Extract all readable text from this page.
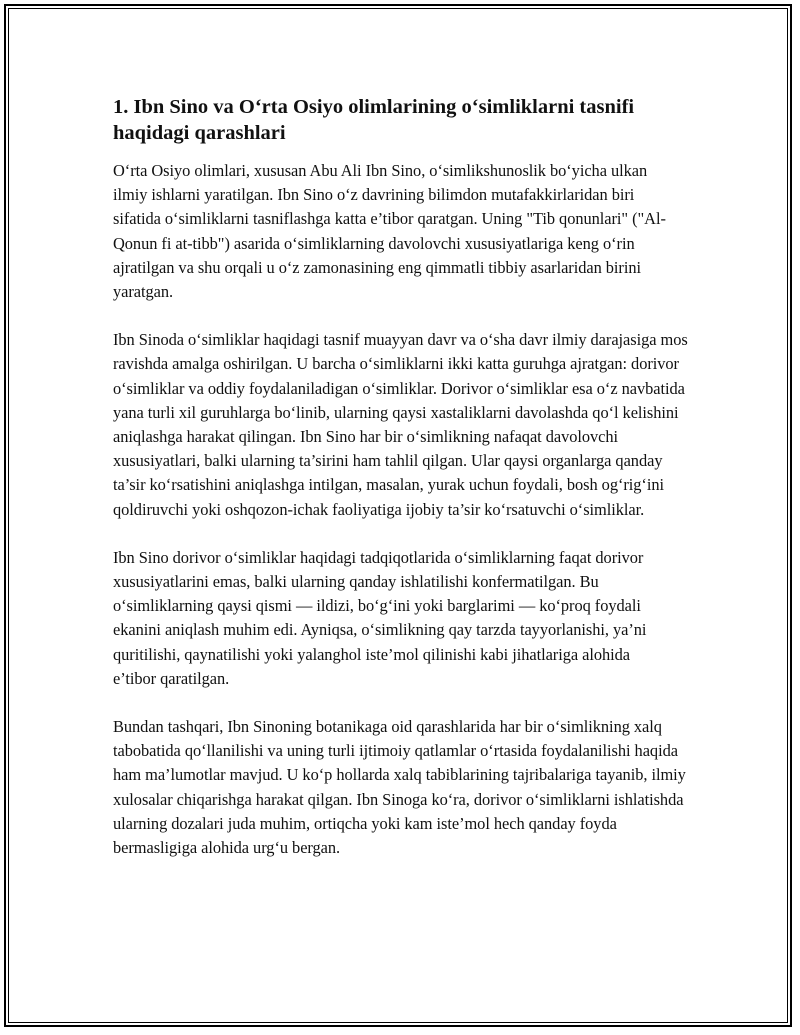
1. Ibn Sino va O‘rta Osiyo olimlarining o‘simliklarni tasnifi haqidagi qarashlari

O‘rta Osiyo olimlari, xususan Abu Ali Ibn Sino, o‘simlikshunoslik bo‘yicha ulkan ilmiy ishlarni yaratilgan. Ibn Sino o‘z davrining bilimdon mutafakkirlaridan biri sifatida o‘simliklarni tasniflashga katta e’tibor qaratgan. Uning "Tib qonunlari" ("Al-Qonun fi at-tibb") asarida o‘simliklarning davolovchi xususiyatlariga keng o‘rin ajratilgan va shu orqali u o‘z zamonasining eng qimmatli tibbiy asarlaridan birini yaratgan.

Ibn Sinoda o‘simliklar haqidagi tasnif muayyan davr va o‘sha davr ilmiy darajasiga mos ravishda amalga oshirilgan. U barcha o‘simliklarni ikki katta guruhga ajratgan: dorivor o‘simliklar va oddiy foydalaniladigan o‘simliklar. Dorivor o‘simliklar esa o‘z navbatida yana turli xil guruhlarga bo‘linib, ularning qaysi xastaliklarni davolashda qo‘l kelishini aniqlashga harakat qilingan. Ibn Sino har bir o‘simlikning nafaqat davolovchi xususiyatlari, balki ularning ta’sirini ham tahlil qilgan. Ular qaysi organlarga qanday ta’sir ko‘rsatishini aniqlashga intilgan, masalan, yurak uchun foydali, bosh og‘rig‘ini qoldiruvchi yoki oshqozon-ichak faoliyatiga ijobiy ta’sir ko‘rsatuvchi o‘simliklar.

Ibn Sino dorivor o‘simliklar haqidagi tadqiqotlarida o‘simliklarning faqat dorivor xususiyatlarini emas, balki ularning qanday ishlatilishi konfermatilgan. Bu o‘simliklarning qaysi qismi — ildizi, bo‘g‘ini yoki barglarimi — ko‘proq foydali ekanini aniqlash muhim edi. Ayniqsa, o‘simlikning qay tarzda tayyorlanishi, ya’ni quritilishi, qaynatilishi yoki yalanghol iste’mol qilinishi kabi jihatlariga alohida e’tibor qaratilgan.

Bundan tashqari, Ibn Sinoning botanikaga oid qarashlarida har bir o‘simlikning xalq tabobatida qo‘llanilishi va uning turli ijtimoiy qatlamlar o‘rtasida foydalanilishi haqida ham ma’lumotlar mavjud. U ko‘p hollarda xalq tabiblarining tajribalariga tayanib, ilmiy xulosalar chiqarishga harakat qilgan. Ibn Sinoga ko‘ra, dorivor o‘simliklarni ishlatishda ularning dozalari juda muhim, ortiqcha yoki kam iste’mol hech qanday foyda bermasligiga alohida urg‘u bergan.
